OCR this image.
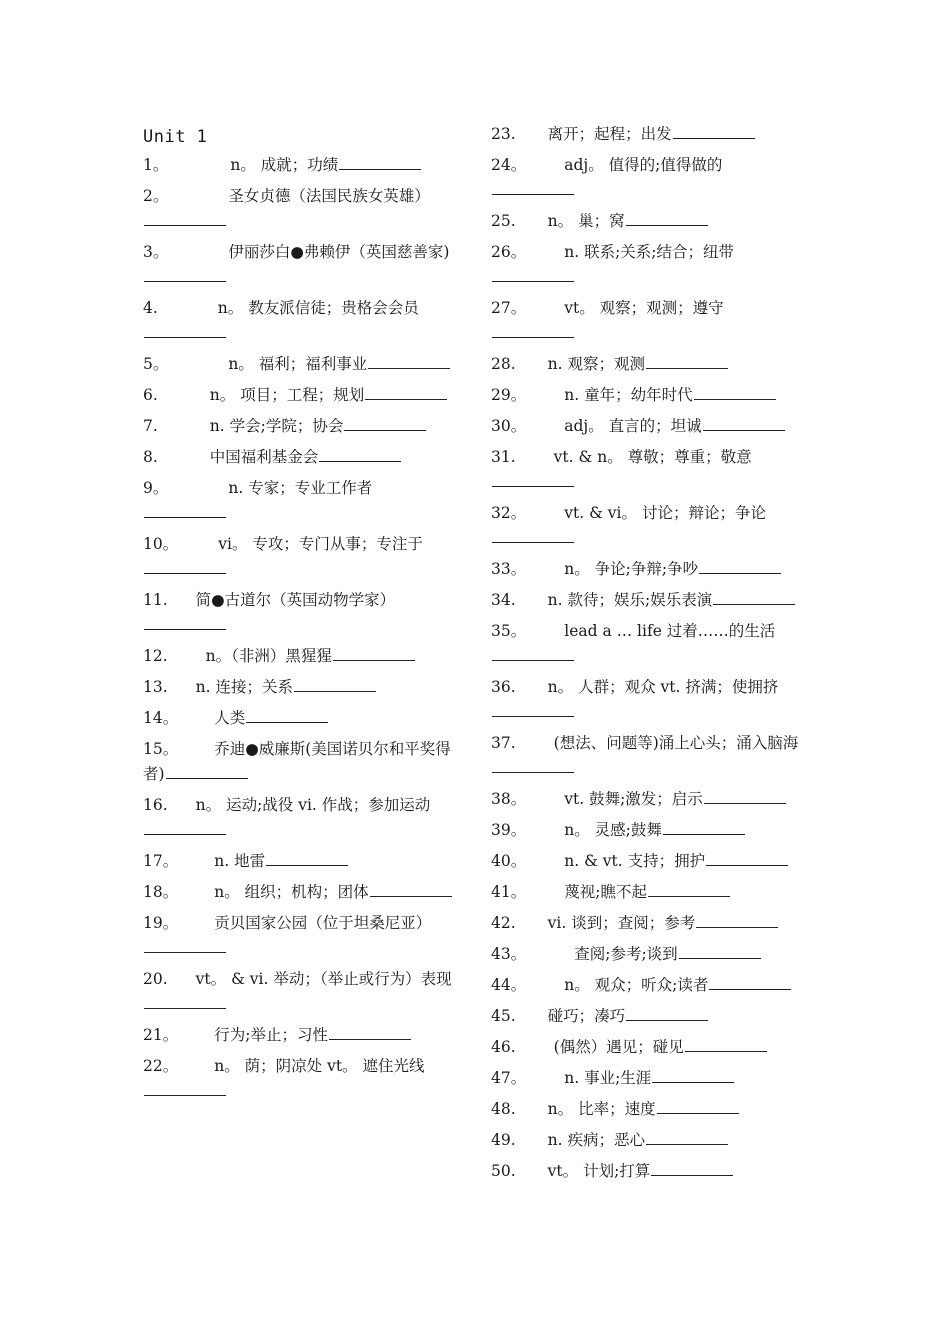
Unit 1
1。	n。 成就；功绩
2。	圣女贞德（法国民族女英雄）
3。	伊丽莎白●弗赖伊（英国慈善家)
4.	n。 教友派信徒；贵格会会员
5。	n。 福利；福利事业
6.	n。 项目；工程；规划
7.	n. 学会;学院；协会
8.	中国福利基金会
9。	n. 专家；专业工作者
10。	vi。 专攻；专门从事；专注于
11. 简●古道尔（英国动物学家）
12. n。（非洲）黑猩猩
13. n. 连接；关系
14。 人类
15。 乔迪●威廉斯(美国诺贝尔和平奖得者)
16. n。 运动;战役 vi. 作战；参加运动
17。 n. 地雷
18。 n。 组织；机构；团体
19。 贡贝国家公园（位于坦桑尼亚）
20. vt。 & vi. 举动；（举止或行为）表现
21。 行为;举止；习性
22。 n。 荫；阴凉处 vt。 遮住光线
23. 离开；起程；出发
24。 adj。 值得的;值得做的
25. n。 巢；窝
26。 n. 联系;关系;结合；纽带
27。 vt。 观察；观测；遵守
28. n. 观察；观测
29。 n. 童年；幼年时代
30。 adj。 直言的；坦诚
31. vt. & n。 尊敬；尊重；敬意
32。 vt. & vi。 讨论；辩论；争论
33。 n。 争论;争辩;争吵
34. n. 款待；娱乐;娱乐表演
35。 lead a … life 过着……的生活
36. n。 人群；观众 vt. 挤满；使拥挤
37. (想法、问题等)涌上心头；涌入脑海
38。 vt. 鼓舞;激发；启示
39。 n。 灵感;鼓舞
40。 n. & vt. 支持；拥护
41。 蔑视;瞧不起
42. vi. 谈到；查阅；参考
43。	查阅;参考;谈到
44。 n。 观众；听众;读者
45. 碰巧；凑巧
46. (偶然）遇见；碰见
47。 n. 事业;生涯
48. n。 比率；速度
49. n. 疾病；恶心
50. vt。 计划;打算
